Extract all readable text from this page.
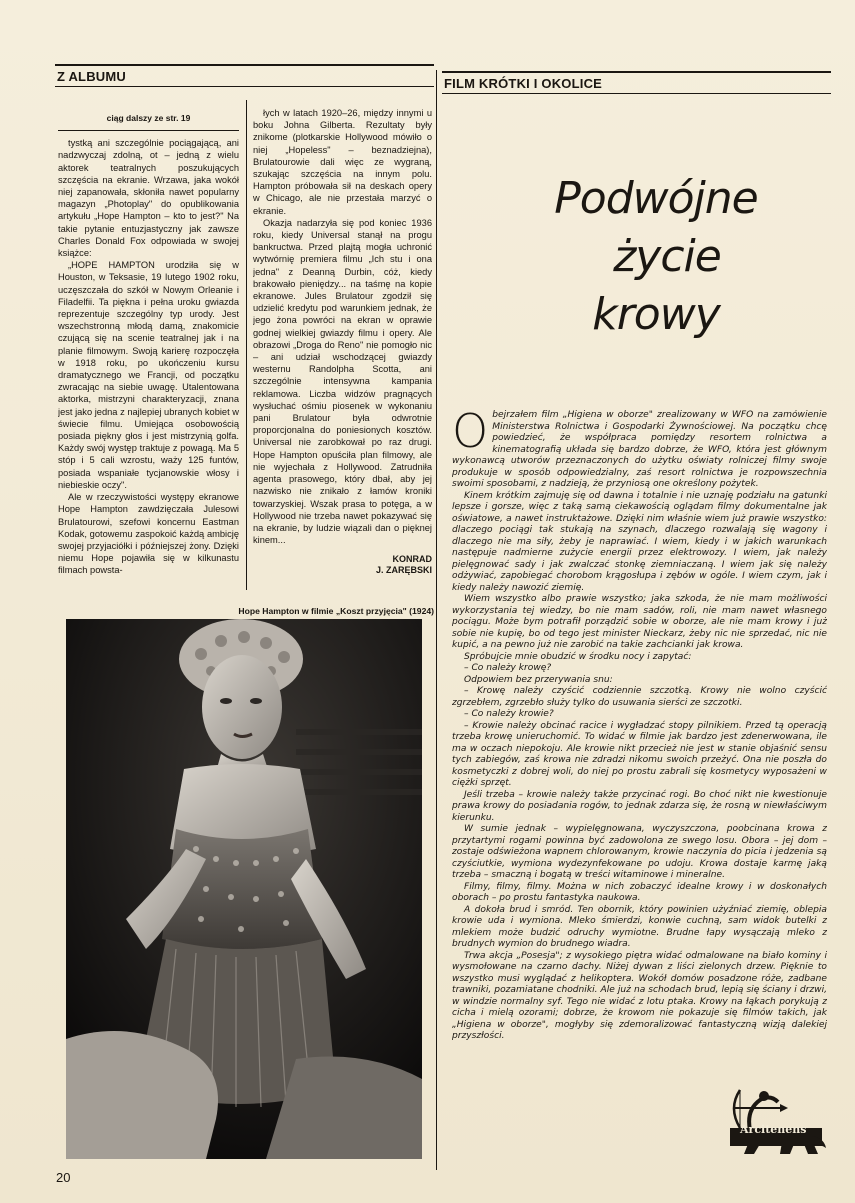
Z ALBUMU	FILM KRÓTKI I OKOLICE

ciąg dalszy ze str. 19

tystką ani szczególnie pociągającą, ani nadzwyczaj zdolną, ot – jedną z wielu aktorek teatralnych poszukujących szczęścia na ekranie. Wrzawa, jaka wokół niej zapanowała, skłoniła nawet popularny magazyn „Photoplay" do opublikowania artykułu „Hope Hampton – kto to jest?" Na takie pytanie entuzjastyczny jak zawsze Charles Donald Fox odpowiada w swojej książce:

„HOPE HAMPTON urodziła się w Houston, w Teksasie, 19 lutego 1902 roku, uczęszczała do szkół w Nowym Orleanie i Filadelfii. Ta piękna i pełna uroku gwiazda reprezentuje szczególny typ urody. Jest wszechstronną młodą damą, znakomicie czującą się na scenie teatralnej jak i na planie filmowym. Swoją karierę rozpoczęła w 1918 roku, po ukończeniu kursu dramatycznego we Francji, od początku zwracając na siebie uwagę. Utalentowana aktorka, mistrzyni charakteryzacji, znana jest jako jedna z najlepiej ubranych kobiet w świecie filmu. Umiejąca osobowością posiada piękny głos i jest mistrzynią golfa. Każdy swój występ traktuje z powagą. Ma 5 stóp i 5 cali wzrostu, waży 125 funtów, posiada wspaniałe tycjanowskie włosy i niebieskie oczy".

Ale w rzeczywistości występy ekranowe Hope Hampton zawdzięczała Julesowi Brulatourowi, szefowi koncernu Eastman Kodak, gotowemu zaspokoić każdą ambicję swojej przyjaciółki i późniejszej żony. Dzięki niemu Hope pojawiła się w kilkunastu filmach powsta-

łych w latach 1920–26, między innymi u boku Johna Gilberta. Rezultaty były znikome (plotkarskie Hollywood mówiło o niej „Hopeless" – beznadziejna), Brulatourowie dali więc ze wygraną, szukając szczęścia na innym polu. Hampton próbowała sił na deskach opery w Chicago, ale nie przestała marzyć o ekranie.

Okazja nadarzyła się pod koniec 1936 roku, kiedy Universal stanął na progu bankructwa. Przed plajtą mogła uchronić wytwórnię premiera filmu „Ich stu i ona jedna" z Deanną Durbin, cóż, kiedy brakowało pieniędzy... na taśmę na kopie ekranowe. Jules Brulatour zgodził się udzielić kredytu pod warunkiem jednak, że jego żona powróci na ekran w oprawie godnej wielkiej gwiazdy filmu i opery. Ale obrazowi „Droga do Reno" nie pomogło nic – ani udział wschodzącej gwiazdy westernu Randolpha Scotta, ani szczególnie intensywna kampania reklamowa. Liczba widzów pragnących wysłuchać ośmiu piosenek w wykonaniu pani Brulatour była odwrotnie proporcjonalna do poniesionych kosztów. Universal nie zarobkował po raz drugi. Hope Hampton opuściła plan filmowy, ale nie wyjechała z Hollywood. Zatrudniła agenta prasowego, który dbał, aby jej nazwisko nie znikało z łamów kroniki towarzyskiej. Wszak prasa to potęga, a w Hollywood nie trzeba nawet pokazywać się na ekranie, by ludzie wiązali dan o pięknej kinem...

KONRAD
J. ZARĘBSKI
Hope Hampton w filmie „Koszt przyjęcia" (1924)
20
Podwójne
życie
krowy
O bejrzałem film „Higiena w oborze" zrealizowany w WFO na zamówienie Ministerstwa Rolnictwa i Gospodarki Żywnościowej. Na początku chcę powiedzieć, że współpraca pomiędzy resortem rolnictwa a kinematografią układa się bardzo dobrze, że WFO, która jest głównym wykonawcą utworów przeznaczonych do użytku oświaty rolniczej filmy swoje produkuje w sposób odpowiedzialny, zaś resort rolnictwa je rozpowszechnia swoimi sposobami, z nadzieją, że przyniosą one określony pożytek.

Kinem krótkim zajmuję się od dawna i totalnie i nie uznaję podziału na gatunki lepsze i gorsze, więc z taką samą ciekawością oglądam filmy dokumentalne jak oświatowe, a nawet instruktażowe. Dzięki nim właśnie wiem już prawie wszystko: dlaczego pociągi tak stukają na szynach, dlaczego rozwalają się wagony i dlaczego nie ma siły, żeby je naprawiać. I wiem, kiedy i w jakich warunkach następuje nadmierne zużycie energii przez elektrowozy. I wiem, jak należy pielęgnować sady i jak zwalczać stonkę ziemniaczaną. I wiem jak się należy odżywiać, zapobiegać chorobom krągosłupa i zębów w ogóle. I wiem czym, jak i kiedy należy nawozić ziemię.

Wiem wszystko albo prawie wszystko; jaka szkoda, że nie mam możliwości wykorzystania tej wiedzy, bo nie mam sadów, roli, nie mam nawet własnego pociągu. Może bym potrafił porządzić sobie w oborze, ale nie mam krowy i już sobie nie kupię, bo od tego jest minister Nieckarz, żeby nic nie sprzedać, nic nie kupić, a na pewno już nie zarobić na takie zachcianki jak krowa.

Spróbujcie mnie obudzić w środku nocy i zapytać:

– Co należy krowę?

Odpowiem bez przerywania snu:

– Krowę należy czyścić codziennie szczotką. Krowy nie wolno czyścić zgrzebłem, zgrzebło służy tylko do usuwania sierści ze szczotki.

– Co należy krowie?

– Krowie należy obcinać racice i wygładzać stopy pilnikiem. Przed tą operacją trzeba krowę unieruchomić. To widać w filmie jak bardzo jest zdenerwowana, ile ma w oczach niepokoju. Ale krowie nikt przecież nie jest w stanie objaśnić sensu tych zabiegów, zaś krowa nie zdradzi nikomu swoich przeżyć. Ona nie poszła do kosmetyczki z dobrej woli, do niej po prostu zabrali się kosmetycy wyposażeni w ciężki sprzęt.

Jeśli trzeba – krowie należy także przycinać rogi. Bo choć nikt nie kwestionuje prawa krowy do posiadania rogów, to jednak zdarza się, że rosną w niewłaściwym kierunku.

W sumie jednak – wypielęgnowana, wyczyszczona, poobcinana krowa z przytartymi rogami powinna być zadowolona ze swego losu. Obora – jej dom – zostaje odświeżona wapnem chlorowanym, krowie naczynia do picia i jedzenia są czyściutkie, wymiona wydezynfekowane po udoju. Krowa dostaje karmę jaką trzeba – smaczną i bogatą w treści witaminowe i mineralne.

Filmy, filmy, filmy. Można w nich zobaczyć idealne krowy i w doskonałych oborach – po prostu fantastyka naukowa.

A dokoła brud i smród. Ten obornik, który powinien użyźniać ziemię, oblepia krowie uda i wymiona. Mleko śmierdzi, konwie cuchną, sam widok butelki z mlekiem może budzić odruchy wymiotne. Brudne łapy wysączają mleko z brudnych wymion do brudnego wiadra.

Trwa akcja „Posesja"; z wysokiego piętra widać odmalowane na biało kominy i wysmołowane na czarno dachy. Niżej dywan z liści zielonych drzew. Pięknie to wszystko musi wyglądać z helikoptera. Wokół domów posadzone róże, zadbane trawniki, pozamiatane chodniki. Ale już na schodach brud, lepią się ściany i drzwi, w windzie normalny syf. Tego nie widać z lotu ptaka. Krowy na łąkach porykują z cicha i mielą ozorami; dobrze, że krowom nie pokazuje się filmów takich, jak „Higiena w oborze", mogłyby się zdemoralizować fantastyczną wizją dalekiej przyszłości.

Arcitenens
